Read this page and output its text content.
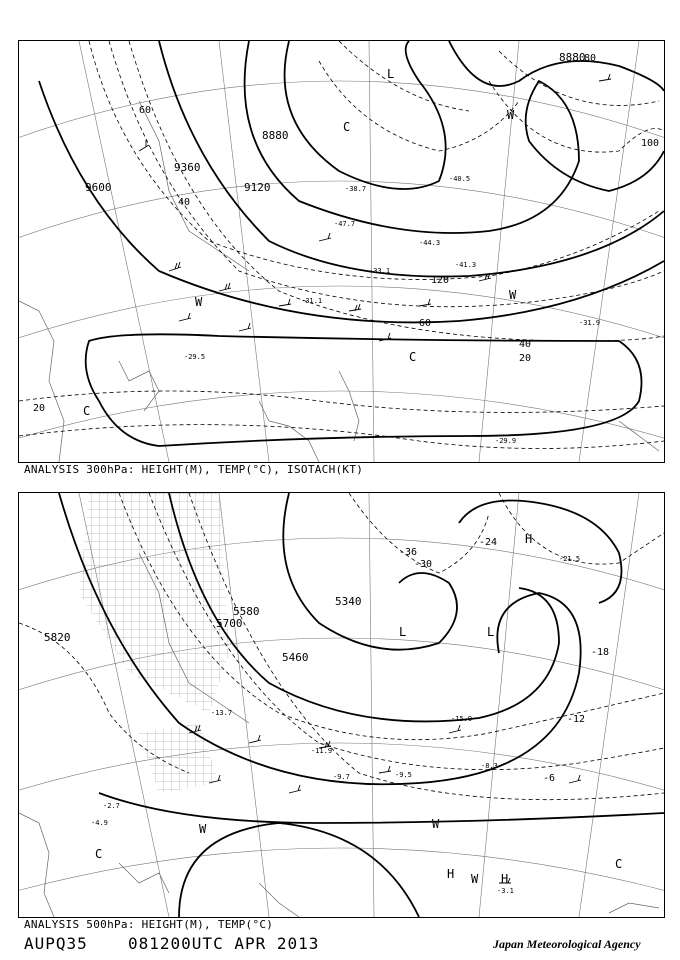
9600
9360
9120
8880
8880
20
40
60
80
100
120
20
40
60
C
C
C
L
W
W
W	-31.1
-29.5
-41.3
-33.1
-47.7
-44.3
-31.9
-29.9
-38.7
-40.5
ANALYSIS 300hPa: HEIGHT(M), TEMP(°C), ISOTACH(KT)
5820
5700
5580
5460
5340
-36
-30
-24
-18
-12
-6
L	L
H
H	H
W
W	W
C
C
-13.7
-15.9
-11.9
-9.7	-9.5
-8.3
-21.5
-3.1
-2.7
-4.9
ANALYSIS 500hPa: HEIGHT(M), TEMP(°C)
AUPQ35	081200UTC APR 2013	Japan Meteorological Agency
